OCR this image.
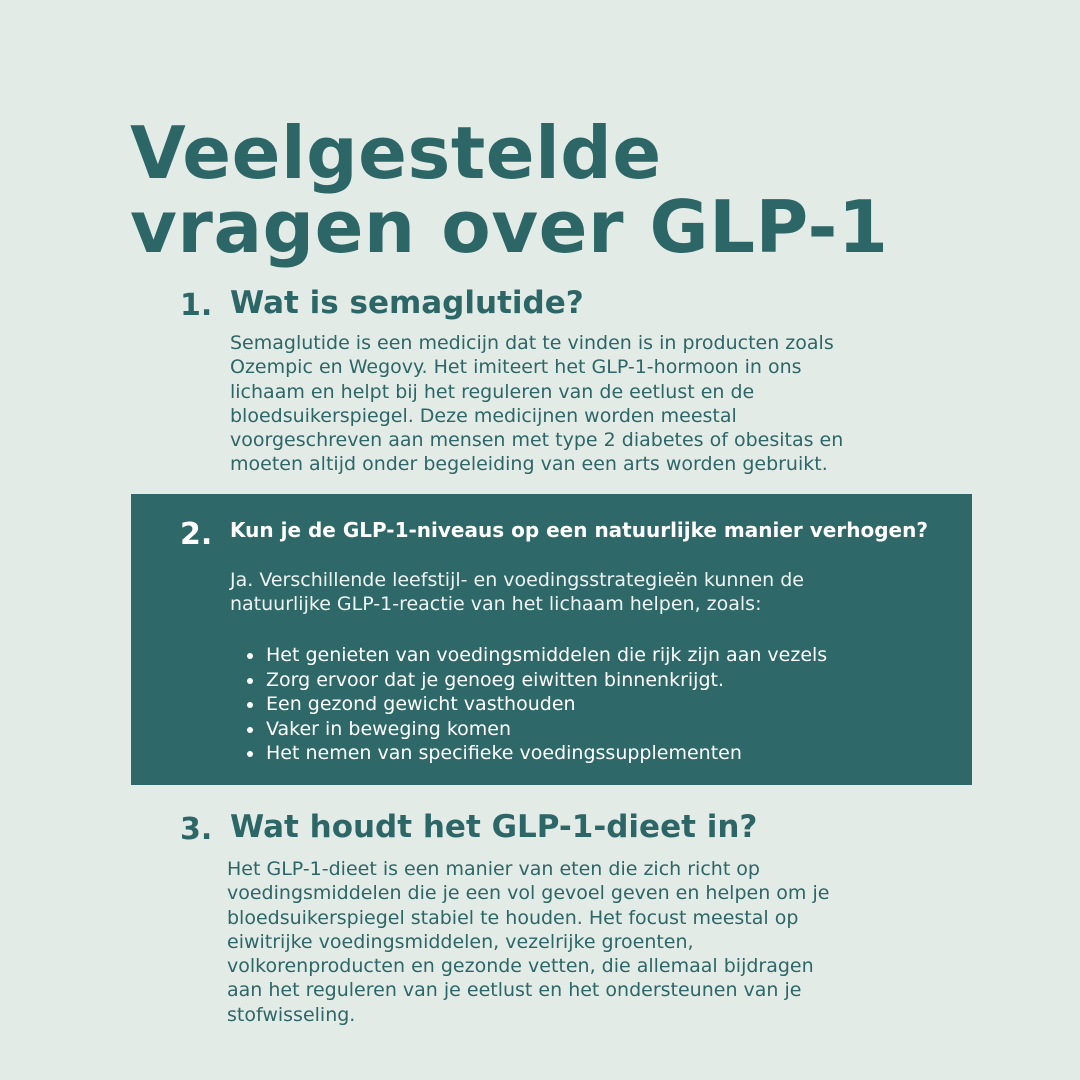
Veelgestelde
vragen over GLP-1
1. Wat is semaglutide?

Semaglutide is een medicijn dat te vinden is in producten zoals
Ozempic en Wegovy. Het imiteert het GLP-1-hormoon in ons
lichaam en helpt bij het reguleren van de eetlust en de
bloedsuikerspiegel. Deze medicijnen worden meestal
voorgeschreven aan mensen met type 2 diabetes of obesitas en
moeten altijd onder begeleiding van een arts worden gebruikt.

2. Kun je de GLP-1-niveaus op een natuurlijke manier verhogen?

Ja. Verschillende leefstijl- en voedingsstrategieën kunnen de
natuurlijke GLP-1-reactie van het lichaam helpen, zoals:

Het genieten van voedingsmiddelen die rijk zijn aan vezels
Zorg ervoor dat je genoeg eiwitten binnenkrijgt.
Een gezond gewicht vasthouden
Vaker in beweging komen
Het nemen van specifieke voedingssupplementen
3. Wat houdt het GLP-1-dieet in?

Het GLP-1-dieet is een manier van eten die zich richt op
voedingsmiddelen die je een vol gevoel geven en helpen om je
bloedsuikerspiegel stabiel te houden. Het focust meestal op
eiwitrijke voedingsmiddelen, vezelrijke groenten,
volkorenproducten en gezonde vetten, die allemaal bijdragen
aan het reguleren van je eetlust en het ondersteunen van je
stofwisseling.
